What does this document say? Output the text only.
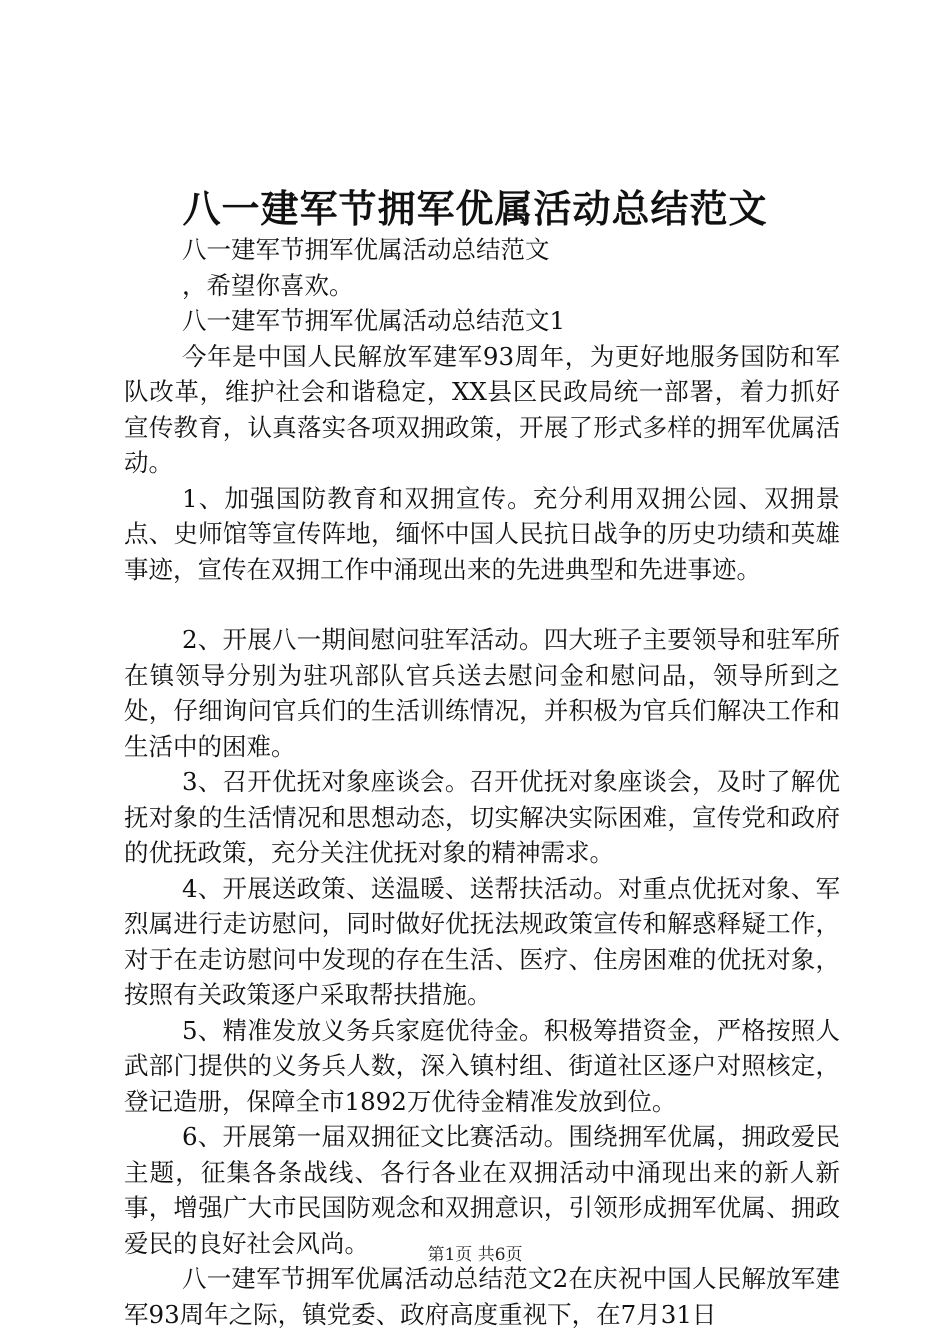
八一建军节拥军优属活动总结范文

八一建军节拥军优属活动总结范文

，希望你喜欢。

八一建军节拥军优属活动总结范文1

今年是中国人民解放军建军93周年，为更好地服务国防和军队改革，维护社会和谐稳定，XX县区民政局统一部署，着力抓好宣传教育，认真落实各项双拥政策，开展了形式多样的拥军优属活动。

1、加强国防教育和双拥宣传。充分利用双拥公园、双拥景点、史师馆等宣传阵地，缅怀中国人民抗日战争的历史功绩和英雄事迹，宣传在双拥工作中涌现出来的先进典型和先进事迹。

2、开展八一期间慰问驻军活动。四大班子主要领导和驻军所在镇领导分别为驻巩部队官兵送去慰问金和慰问品，领导所到之处，仔细询问官兵们的生活训练情况，并积极为官兵们解决工作和生活中的困难。

3、召开优抚对象座谈会。召开优抚对象座谈会，及时了解优抚对象的生活情况和思想动态，切实解决实际困难，宣传党和政府的优抚政策，充分关注优抚对象的精神需求。

4、开展送政策、送温暖、送帮扶活动。对重点优抚对象、军烈属进行走访慰问，同时做好优抚法规政策宣传和解惑释疑工作，对于在走访慰问中发现的存在生活、医疗、住房困难的优抚对象，按照有关政策逐户采取帮扶措施。

5、精准发放义务兵家庭优待金。积极筹措资金，严格按照人武部门提供的义务兵人数，深入镇村组、街道社区逐户对照核定，登记造册，保障全市1892万优待金精准发放到位。

6、开展第一届双拥征文比赛活动。围绕拥军优属，拥政爱民主题，征集各条战线、各行各业在双拥活动中涌现出来的新人新事，增强广大市民国防观念和双拥意识，引领形成拥军优属、拥政爱民的良好社会风尚。

八一建军节拥军优属活动总结范文2在庆祝中国人民解放军建军93周年之际，镇党委、政府高度重视下，在7月31日

第1页 共6页
